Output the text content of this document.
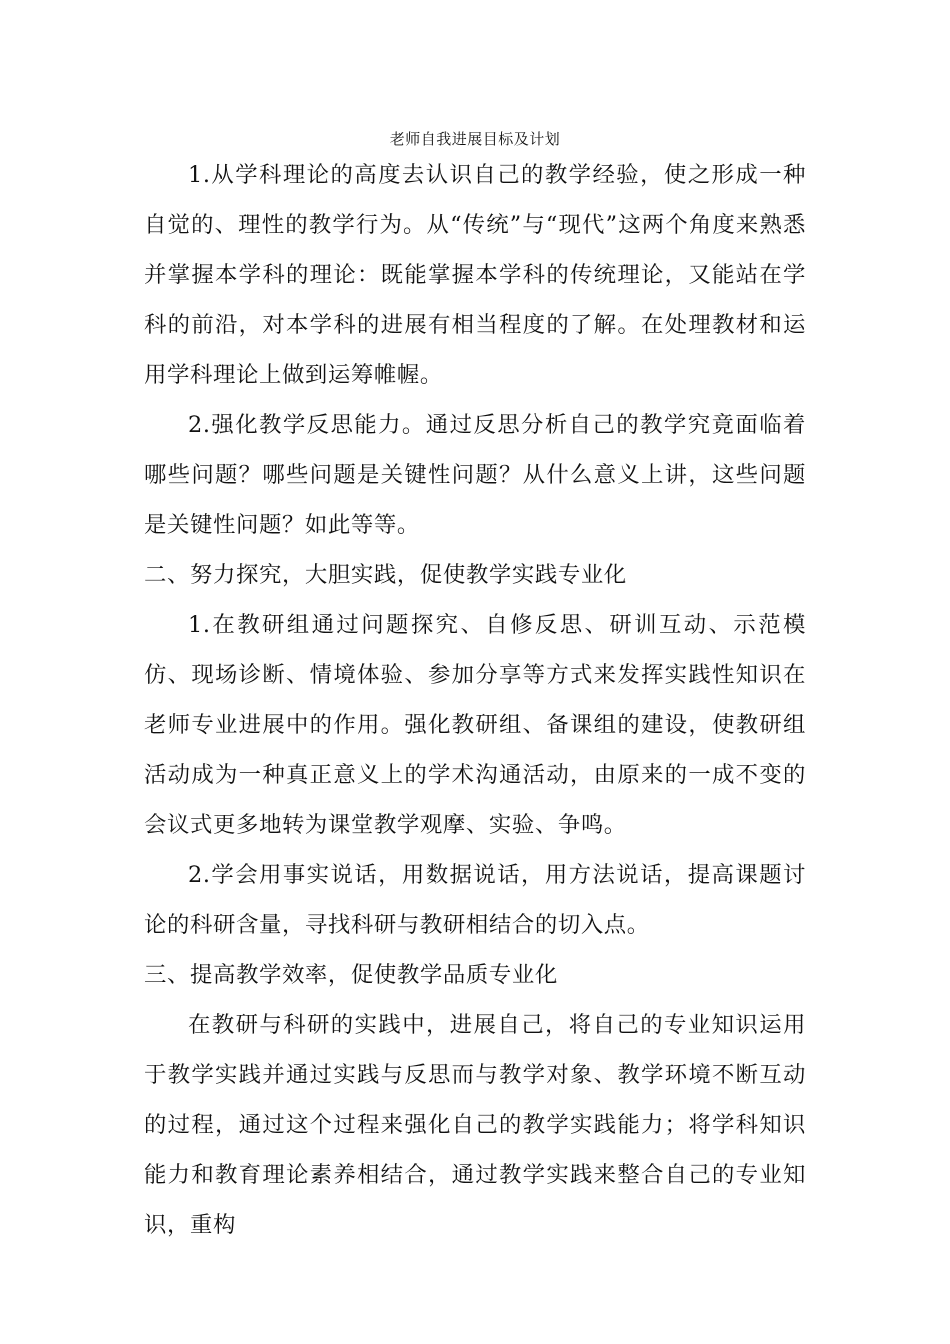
老师自我进展目标及计划

1.从学科理论的高度去认识自己的教学经验，使之形成一种自觉的、理性的教学行为。从“传统”与“现代”这两个角度来熟悉并掌握本学科的理论：既能掌握本学科的传统理论，又能站在学科的前沿，对本学科的进展有相当程度的了解。在处理教材和运用学科理论上做到运筹帷幄。

2.强化教学反思能力。通过反思分析自己的教学究竟面临着哪些问题？哪些问题是关键性问题？从什么意义上讲，这些问题是关键性问题？如此等等。

二、努力探究，大胆实践，促使教学实践专业化

1.在教研组通过问题探究、自修反思、研训互动、示范模仿、现场诊断、情境体验、参加分享等方式来发挥实践性知识在老师专业进展中的作用。强化教研组、备课组的建设，使教研组活动成为一种真正意义上的学术沟通活动，由原来的一成不变的会议式更多地转为课堂教学观摩、实验、争鸣。

2.学会用事实说话，用数据说话，用方法说话，提高课题讨论的科研含量，寻找科研与教研相结合的切入点。

三、提高教学效率，促使教学品质专业化

在教研与科研的实践中，进展自己，将自己的专业知识运用于教学实践并通过实践与反思而与教学对象、教学环境不断互动的过程，通过这个过程来强化自己的教学实践能力；将学科知识能力和教育理论素养相结合，通过教学实践来整合自己的专业知识，重构
